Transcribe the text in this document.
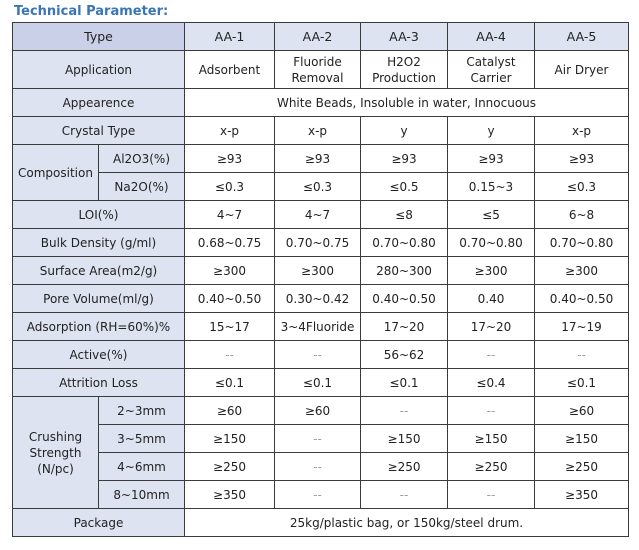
Technical Parameter:
Type		AA-1	AA-2	AA-3	AA-4	AA-5
Application		Adsorbent	Fluoride Removal	H2O2 Production	Catalyst Carrier	Air Dryer
Appearence		White Beads, Insoluble in water, Innocuous				
Crystal Type		x-p	x-p	y	y	x-p
Composition	Al2O3(%)	≥93	≥93	≥93	≥93	≥93
	Na2O(%)	≤0.3	≤0.3	≤0.5	0.15~3	≤0.3
LOI(%)		4~7	4~7	≤8	≤5	6~8
Bulk Density (g/ml)		0.68~0.75	0.70~0.75	0.70~0.80	0.70~0.80	0.70~0.80
Surface Area(m2/g)		≥300	≥300	280~300	≥300	≥300
Pore Volume(ml/g)		0.40~0.50	0.30~0.42	0.40~0.50	0.40	0.40~0.50
Adsorption (RH=60%)%		15~17	3~4Fluoride	17~20	17~20	17~19
Active(%)		--	--	56~62	--	--
Attrition Loss		≤0.1	≤0.1	≤0.1	≤0.4	≤0.1
Crushing Strength (N/pc)	2~3mm	≥60	≥60	--	--	≥60
	3~5mm	≥150	--	≥150	≥150	≥150
	4~6mm	≥250	--	≥250	≥250	≥250
	8~10mm	≥350	--	--	--	≥350
Package		25kg/plastic bag, or 150kg/steel drum.				
